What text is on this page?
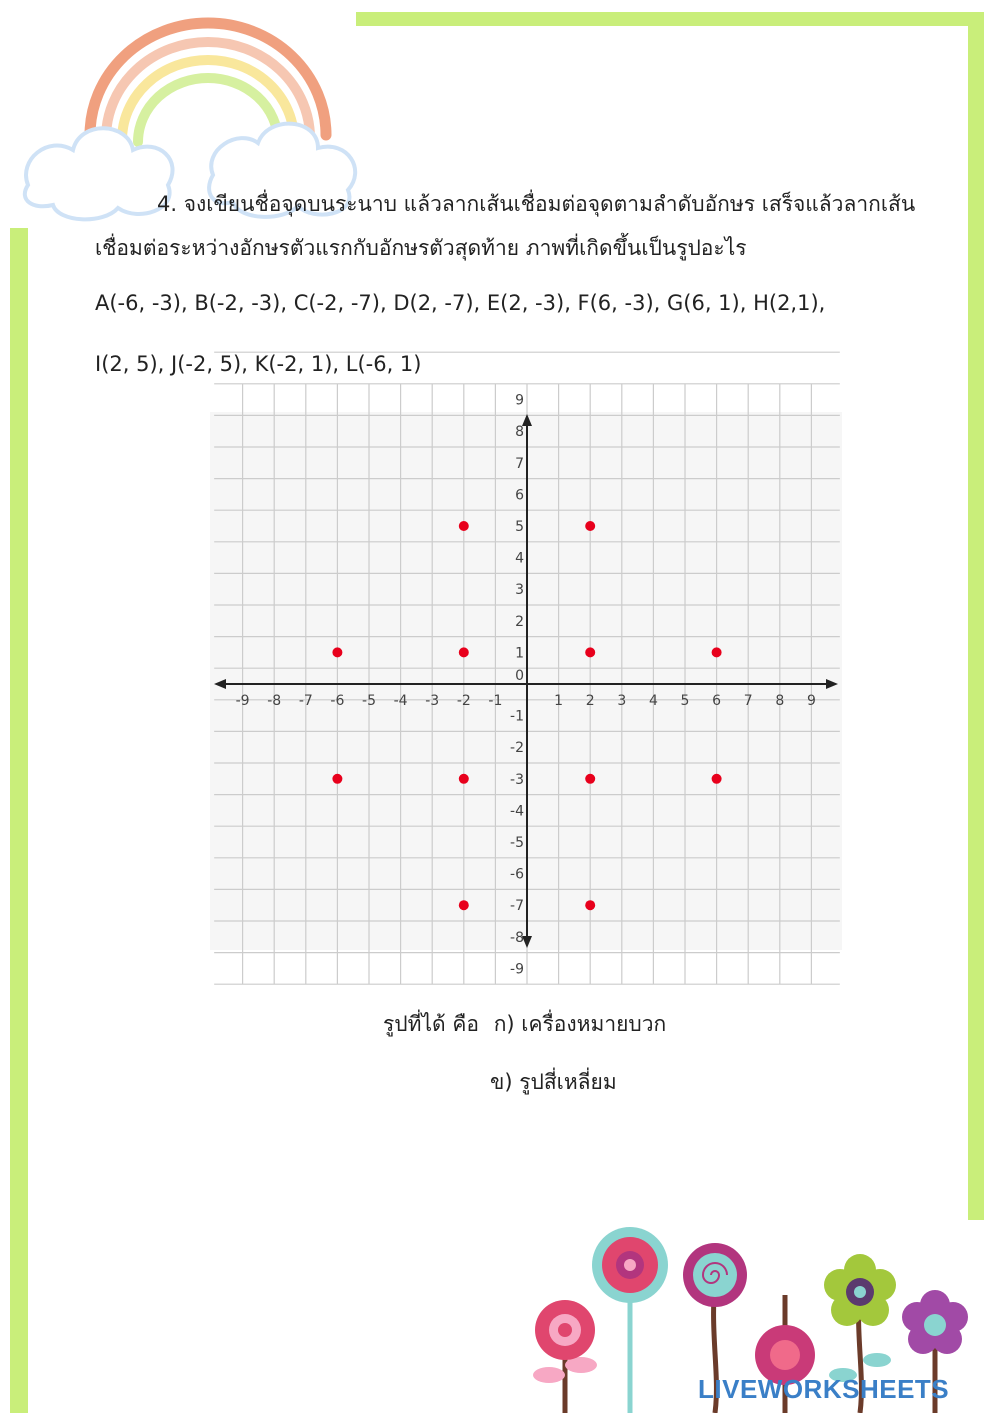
4. จงเขียนชื่อจุดบนระนาบ แล้วลากเส้นเชื่อมต่อจุดตามลำดับอักษร เสร็จแล้วลากเส้น
เชื่อมต่อระหว่างอักษรตัวแรกกับอักษรตัวสุดท้าย ภาพที่เกิดขึ้นเป็นรูปอะไร
A(-6, -3), B(-2, -3), C(-2, -7), D(2, -7), E(2, -3), F(6, -3), G(6, 1), H(2,1),
I(2, 5), J(-2, 5), K(-2, 1), L(-6, 1)
-9 -8 -7 -6 -5 -4 -3 -2 -1	1 2 3 4 5 6 7 8 9
-9
-8
-7
-6
-5
-4
-3
-2
-1
1
2
3
4
5
6
7
8
9
0
รูปที่ได้ คือ ก) เครื่องหมายบวก
ข) รูปสี่เหลี่ยม
LIVEWORKSHEETS
